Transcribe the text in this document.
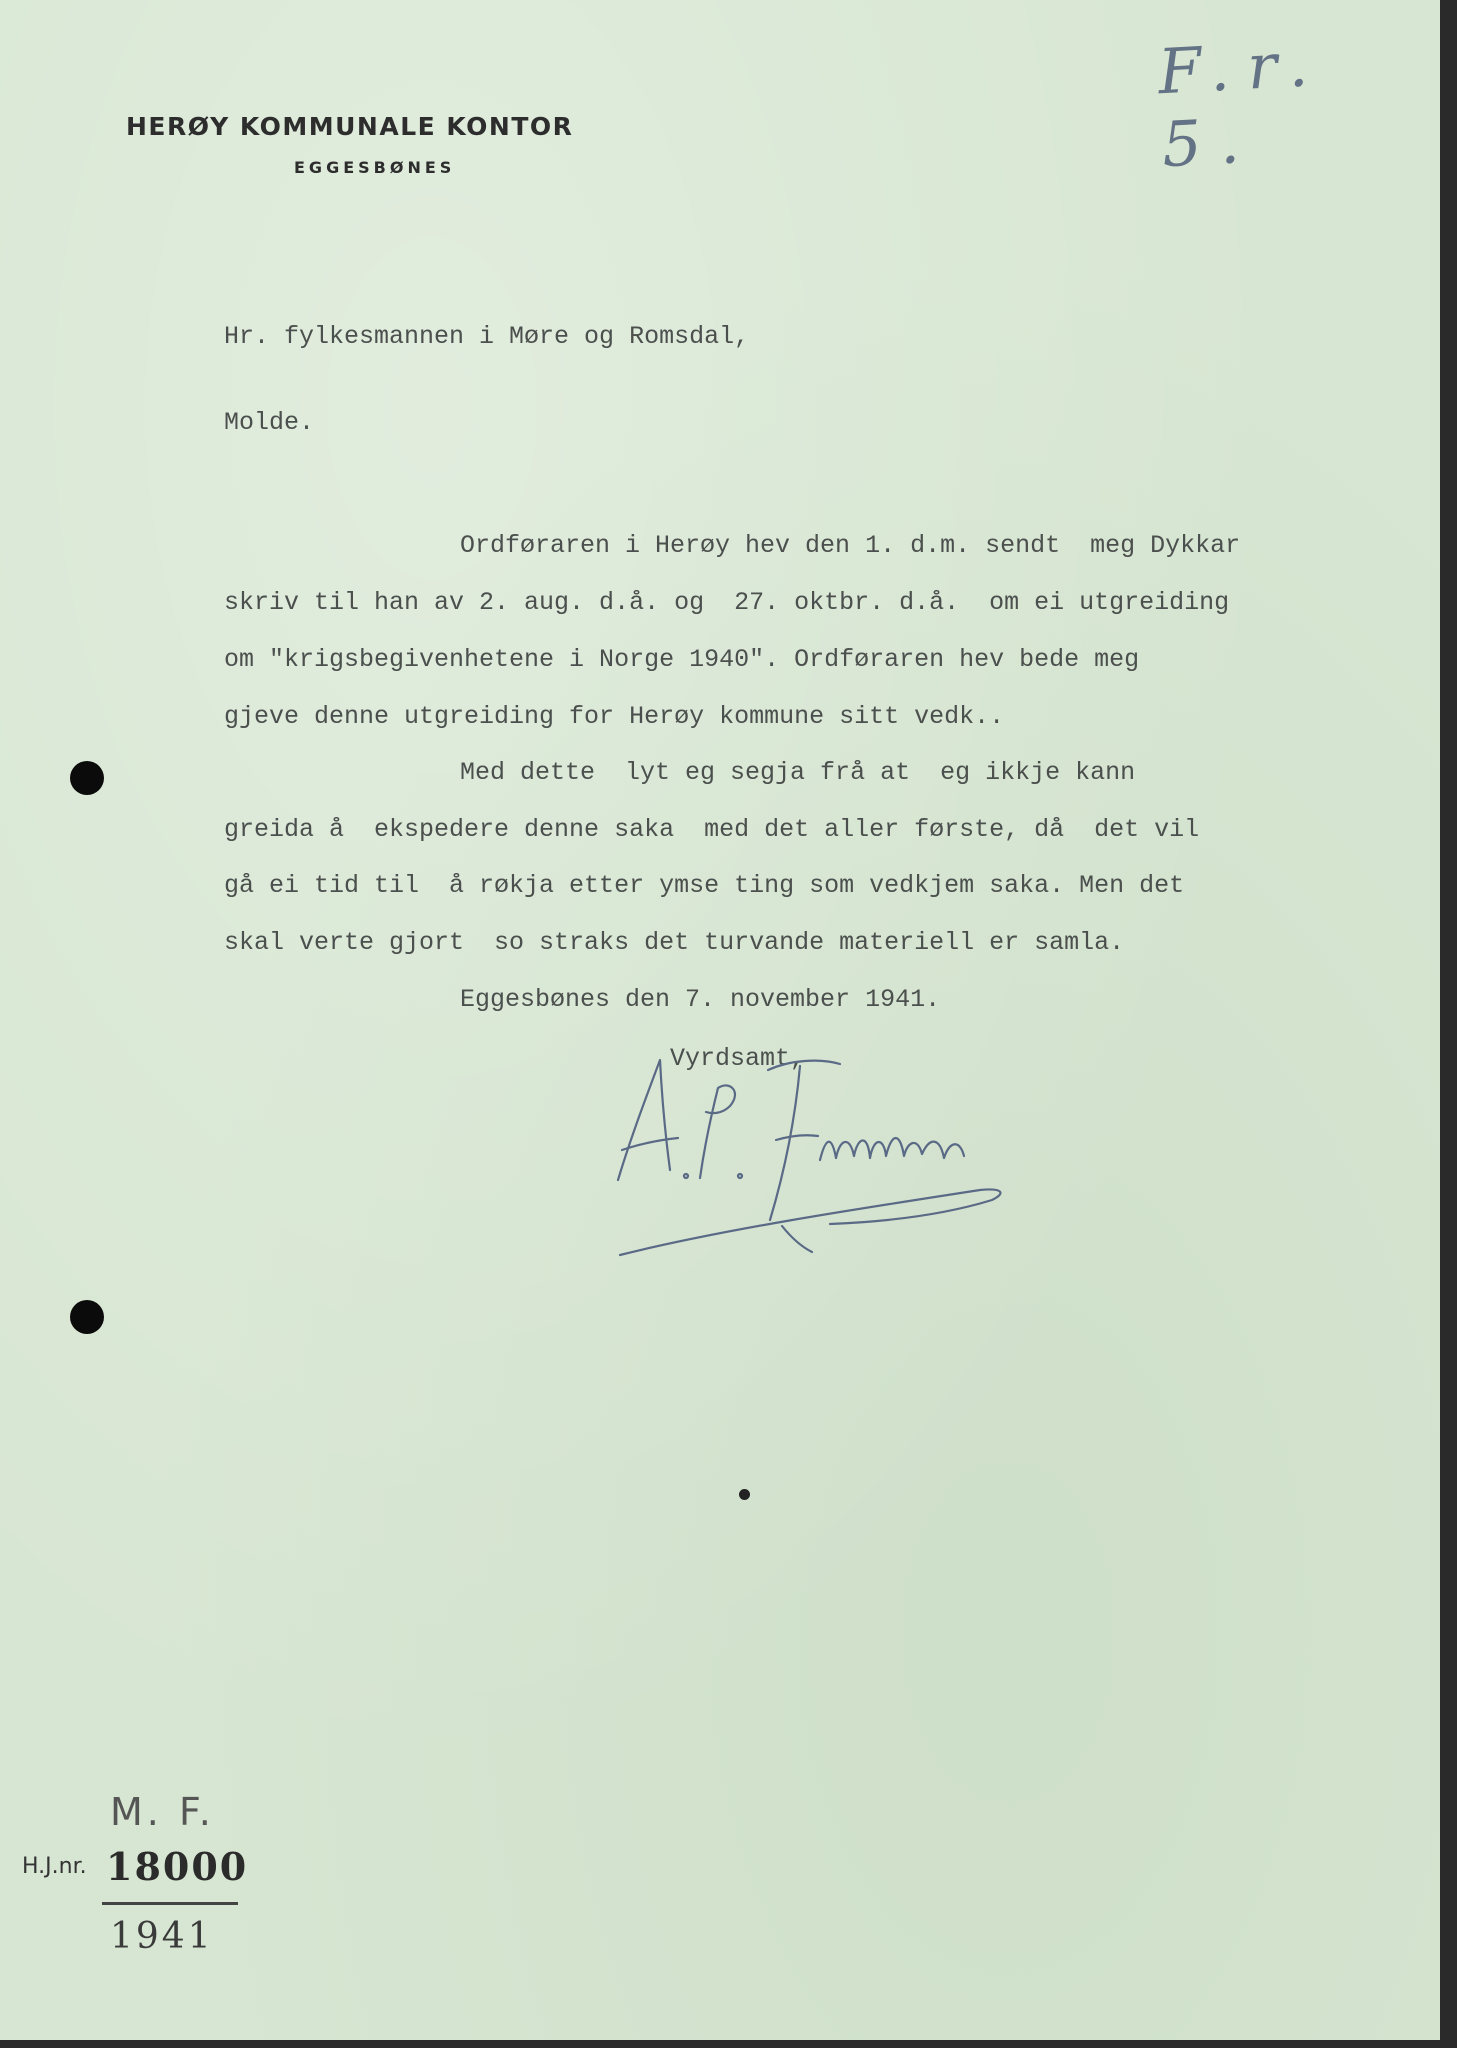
HERØY KOMMUNALE KONTOR
EGGESBØNES
F.r. 5.
Hr. fylkesmannen i Møre og Romsdal,
Molde.
Ordføraren i Herøy hev den 1. d.m. sendt  meg Dykkar
skriv til han av 2. aug. d.å. og  27. oktbr. d.å.  om ei utgreiding
om "krigsbegivenhetene i Norge 1940". Ordføraren hev bede meg
gjeve denne utgreiding for Herøy kommune sitt vedk..
Med dette  lyt eg segja frå at  eg ikkje kann
greida å  ekspedere denne saka  med det aller første, då  det vil
gå ei tid til  å røkja etter ymse ting som vedkjem saka. Men det
skal verte gjort  so straks det turvande materiell er samla.
Eggesbønes den 7. november 1941.
Vyrdsamt,
M. F.
H.J.nr. 18000
1941
